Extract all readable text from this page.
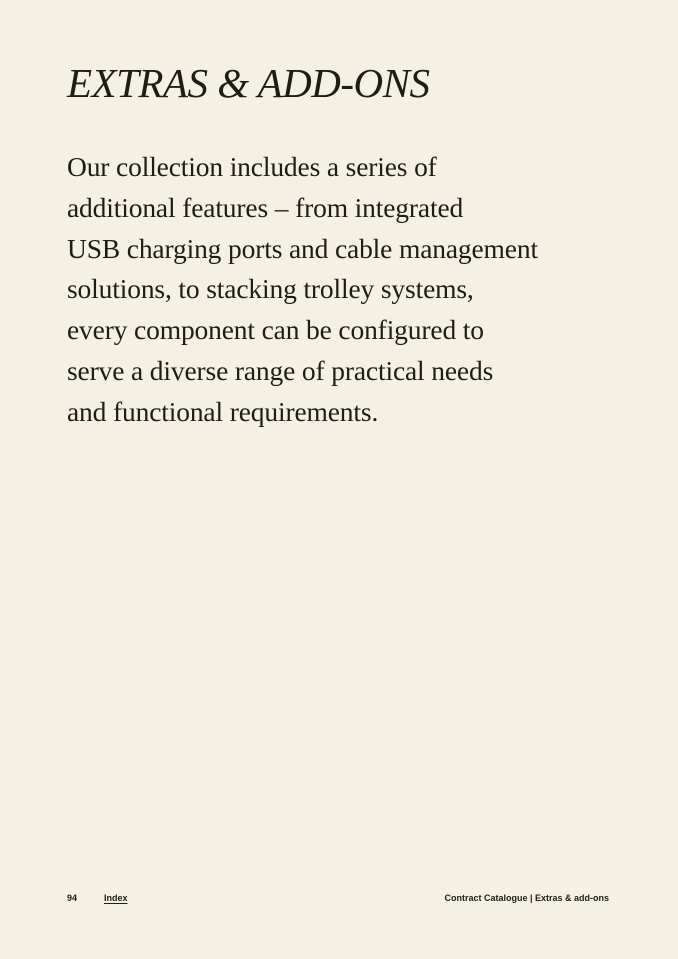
EXTRAS & ADD-ONS
Our collection includes a series of
additional features – from integrated
USB charging ports and cable management
solutions, to stacking trolley systems,
every component can be configured to
serve a diverse range of practical needs
and functional requirements.
94	Index	Contract Catalogue | Extras & add-ons
